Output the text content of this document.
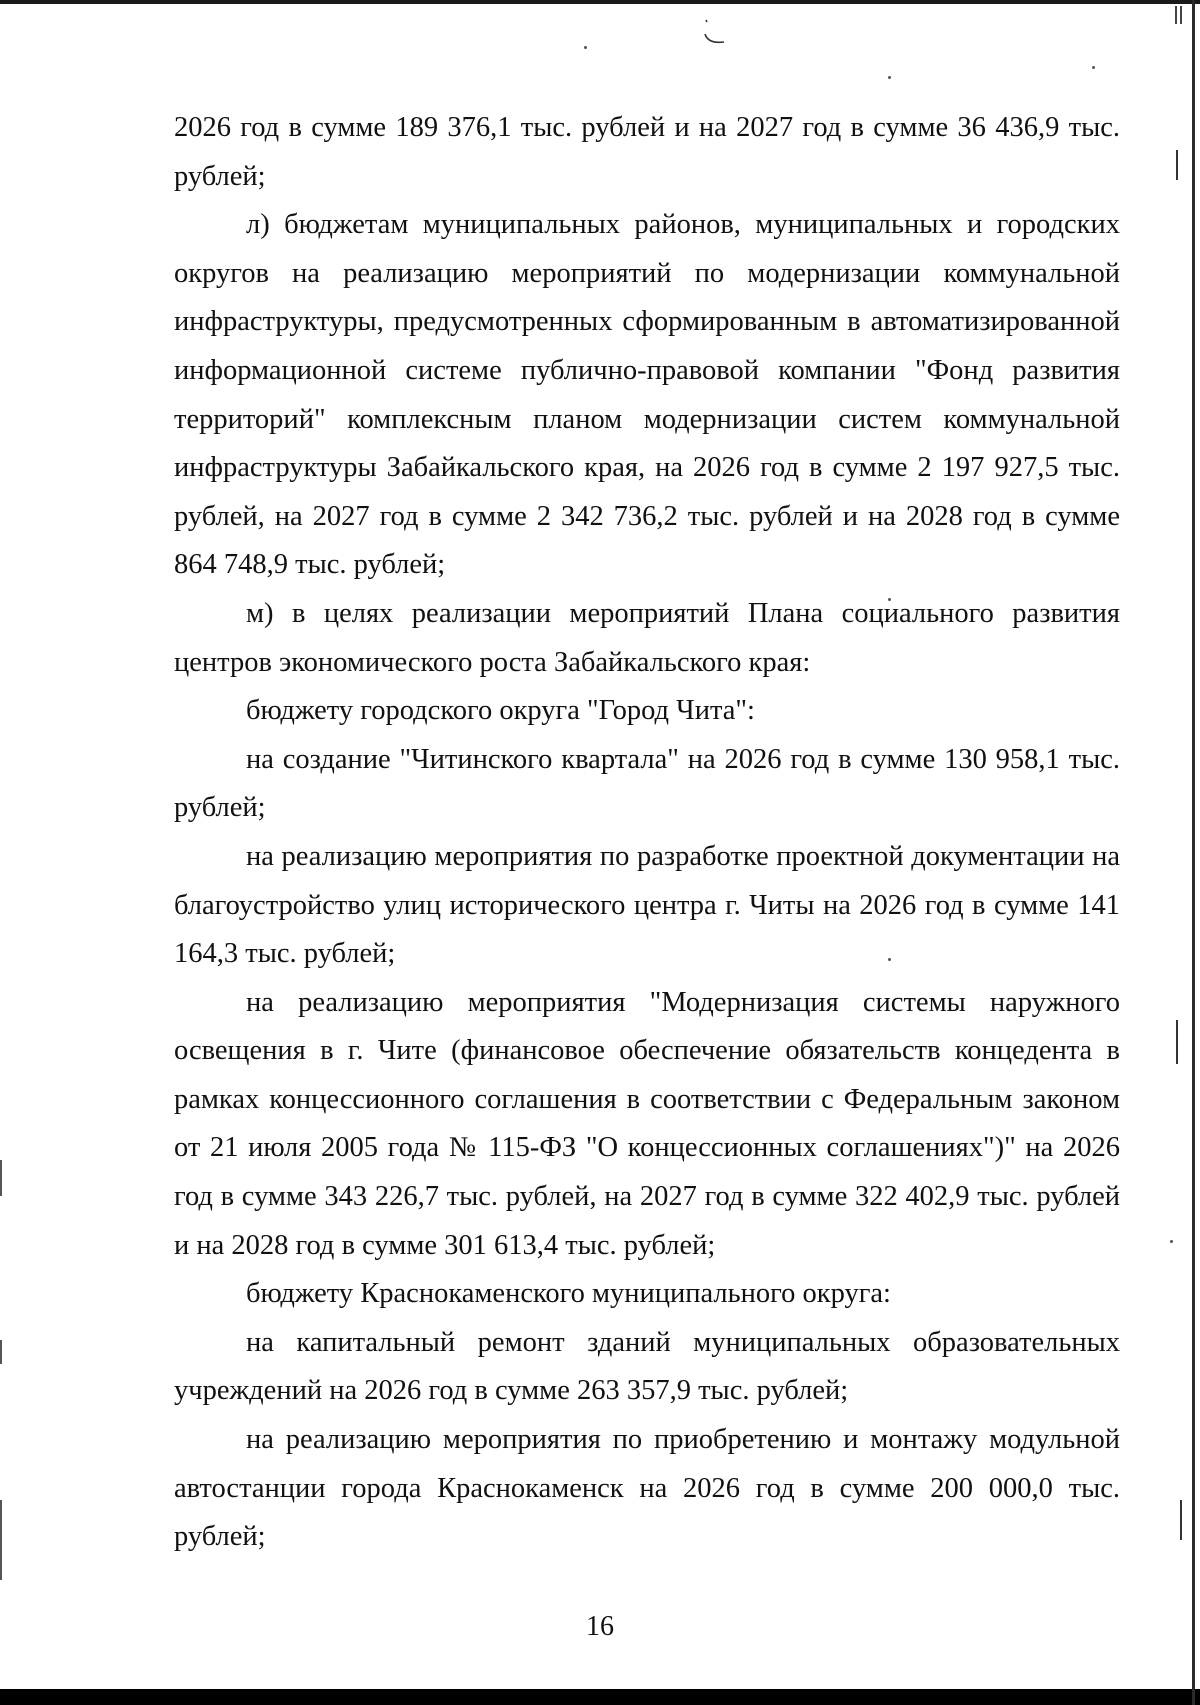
2026 год в сумме 189 376,1 тыс. рублей и на 2027 год в сумме 36 436,9 тыс. рублей;

л) бюджетам муниципальных районов, муниципальных и городских округов на реализацию мероприятий по модернизации коммунальной инфраструктуры, предусмотренных сформированным в автоматизированной информационной системе публично-правовой компании "Фонд развития территорий" комплексным планом модернизации систем коммунальной инфраструктуры Забайкальского края, на 2026 год в сумме 2 197 927,5 тыс. рублей, на 2027 год в сумме 2 342 736,2 тыс. рублей и на 2028 год в сумме 864 748,9 тыс. рублей;

м) в целях реализации мероприятий Плана социального развития центров экономического роста Забайкальского края:

бюджету городского округа "Город Чита":

на создание "Читинского квартала" на 2026 год в сумме 130 958,1 тыс. рублей;

на реализацию мероприятия по разработке проектной документации на благоустройство улиц исторического центра г. Читы на 2026 год в сумме 141 164,3 тыс. рублей;

на реализацию мероприятия "Модернизация системы наружного освещения в г. Чите (финансовое обеспечение обязательств концедента в рамках концессионного соглашения в соответствии с Федеральным законом от 21 июля 2005 года № 115-ФЗ "О концессионных соглашениях")" на 2026 год в сумме 343 226,7 тыс. рублей, на 2027 год в сумме 322 402,9 тыс. рублей и на 2028 год в сумме 301 613,4 тыс. рублей;

бюджету Краснокаменского муниципального округа:

на капитальный ремонт зданий муниципальных образовательных учреждений на 2026 год в сумме 263 357,9 тыс. рублей;

на реализацию мероприятия по приобретению и монтажу модульной автостанции города Краснокаменск на 2026 год в сумме 200 000,0 тыс. рублей;

16
